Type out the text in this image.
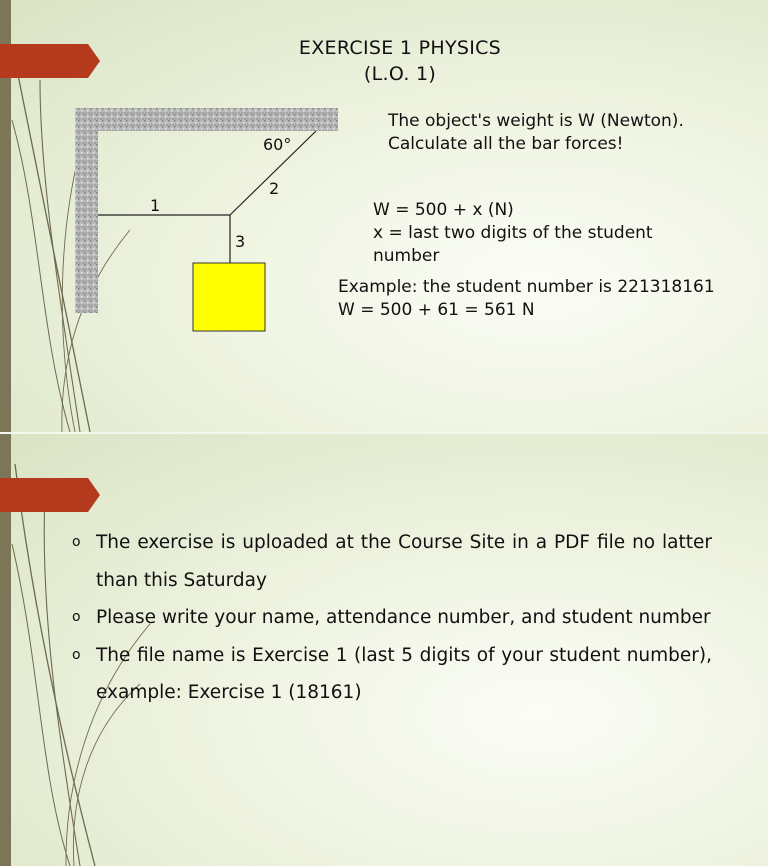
EXERCISE 1 PHYSICS
(L.O. 1)
60°
1
2
3
The object's weight is W (Newton).
Calculate all the bar forces!
W = 500 + x (N)
x = last two digits of the student
number
Example: the student number is 221318161
W = 500 + 61 = 561 N
o The exercise is uploaded at the Course Site in a PDF file no latter than this Saturday
o Please write your name, attendance number, and student number
o The file name is Exercise 1 (last 5 digits of your student number), example: Exercise 1 (18161)
